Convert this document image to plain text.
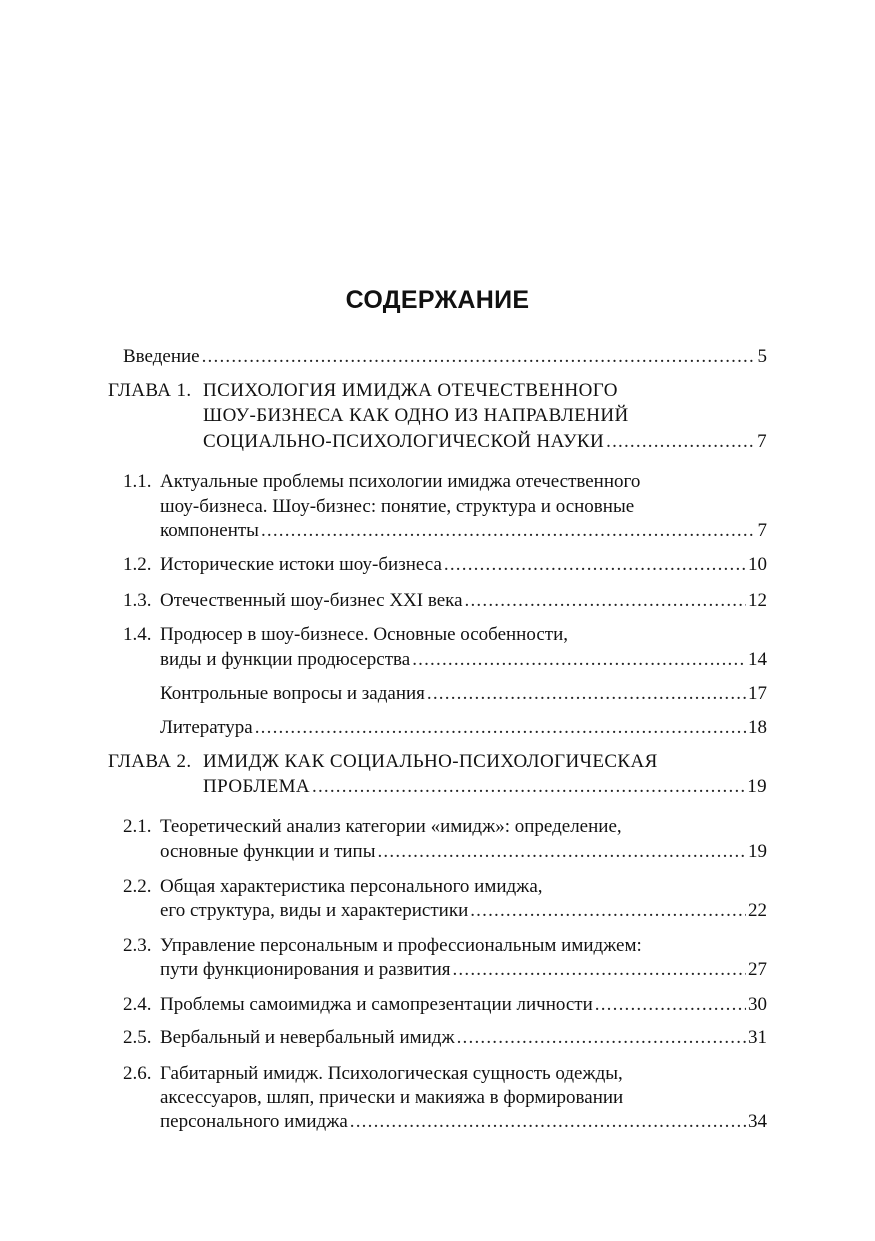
СОДЕРЖАНИЕ
Введение .....	5
ГЛАВА 1. ПСИХОЛОГИЯ ИМИДЖА ОТЕЧЕСТВЕННОГО
ШОУ-БИЗНЕСА КАК ОДНО ИЗ НАПРАВЛЕНИЙ
СОЦИАЛЬНО-ПСИХОЛОГИЧЕСКОЙ НАУКИ .....	7
1.1. Актуальные проблемы психологии имиджа отечественного
шоу-бизнеса. Шоу-бизнес: понятие, структура и основные
компоненты .....	7
1.2. Исторические истоки шоу-бизнеса .....	10
1.3. Отечественный шоу-бизнес XXI века .....	12
1.4. Продюсер в шоу-бизнесе. Основные особенности,
виды и функции продюсерства .....	14
Контрольные вопросы и задания .....	17
Литература .....	18
ГЛАВА 2. ИМИДЖ КАК СОЦИАЛЬНО-ПСИХОЛОГИЧЕСКАЯ
ПРОБЛЕМА .....	19
2.1. Теоретический анализ категории «имидж»: определение,
основные функции и типы .....	19
2.2. Общая характеристика персонального имиджа,
его структура, виды и характеристики .....	22
2.3. Управление персональным и профессиональным имиджем:
пути функционирования и развития .....	27
2.4. Проблемы самоимиджа и самопрезентации личности .....	30
2.5. Вербальный и невербальный имидж .....	31
2.6. Габитарный имидж. Психологическая сущность одежды,
аксессуаров, шляп, прически и макияжа в формировании
персонального имиджа .....	34
